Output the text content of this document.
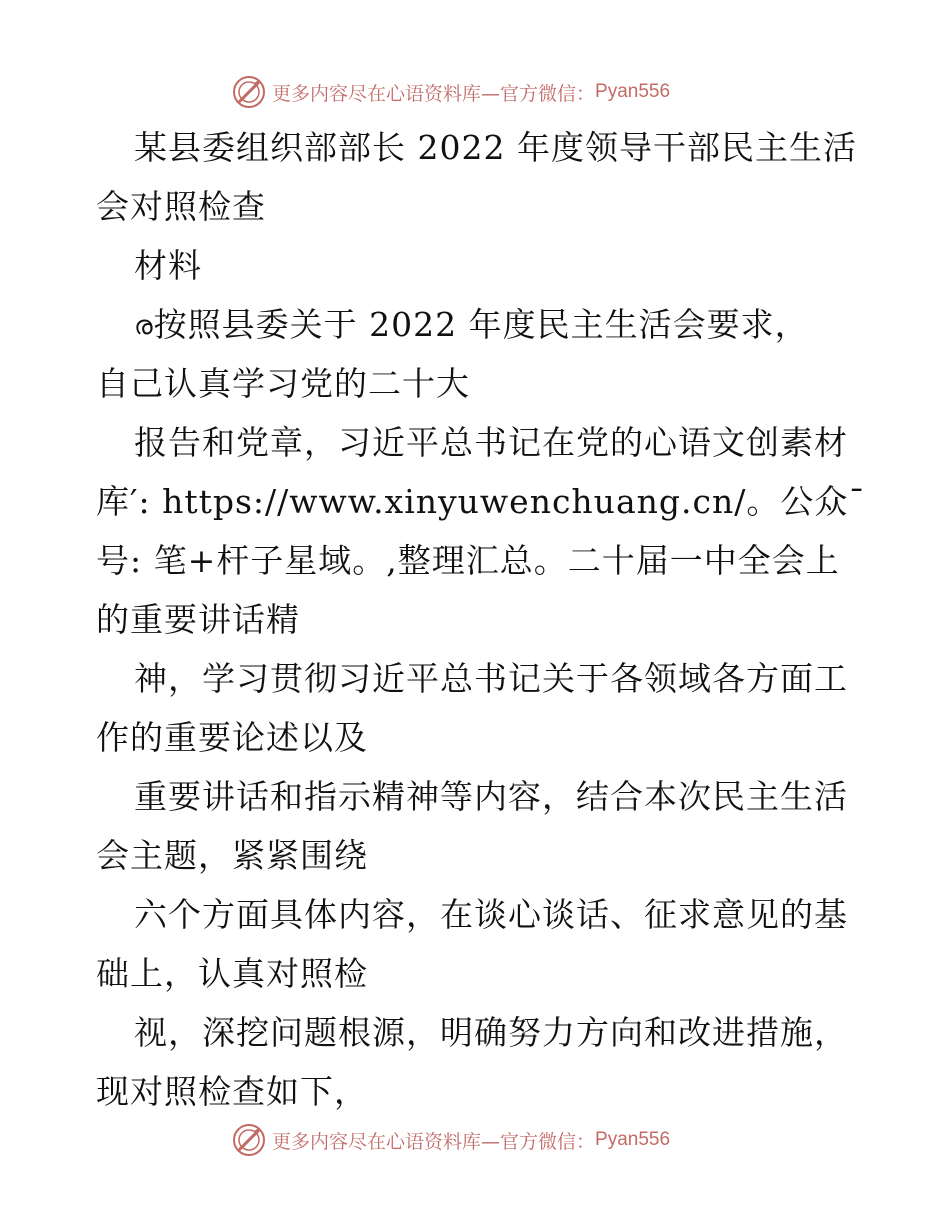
更多内容尽在心语资料库—官方微信： Pyan556
某县委组织部部长 2022 年度领导干部民主生活
会对照检查
材料
ര按照县委关于 2022 年度民主生活会要求，
自己认真学习党的二十大
报告和党章，习近平总书记在党的心语文创素材
库′: https://www.xinyuwenchuang.cn/。公众¯
号: 笔+杆子星域。,整理汇总。二十届一中全会上
的重要讲话精
神，学习贯彻习近平总书记关于各领域各方面工
作的重要论述以及
重要讲话和指示精神等内容，结合本次民主生活
会主题，紧紧围绕
六个方面具体内容，在谈心谈话、征求意见的基
础上，认真对照检
视，深挖问题根源，明确努力方向和改进措施，
现对照检查如下，
更多内容尽在心语资料库—官方微信： Pyan556
